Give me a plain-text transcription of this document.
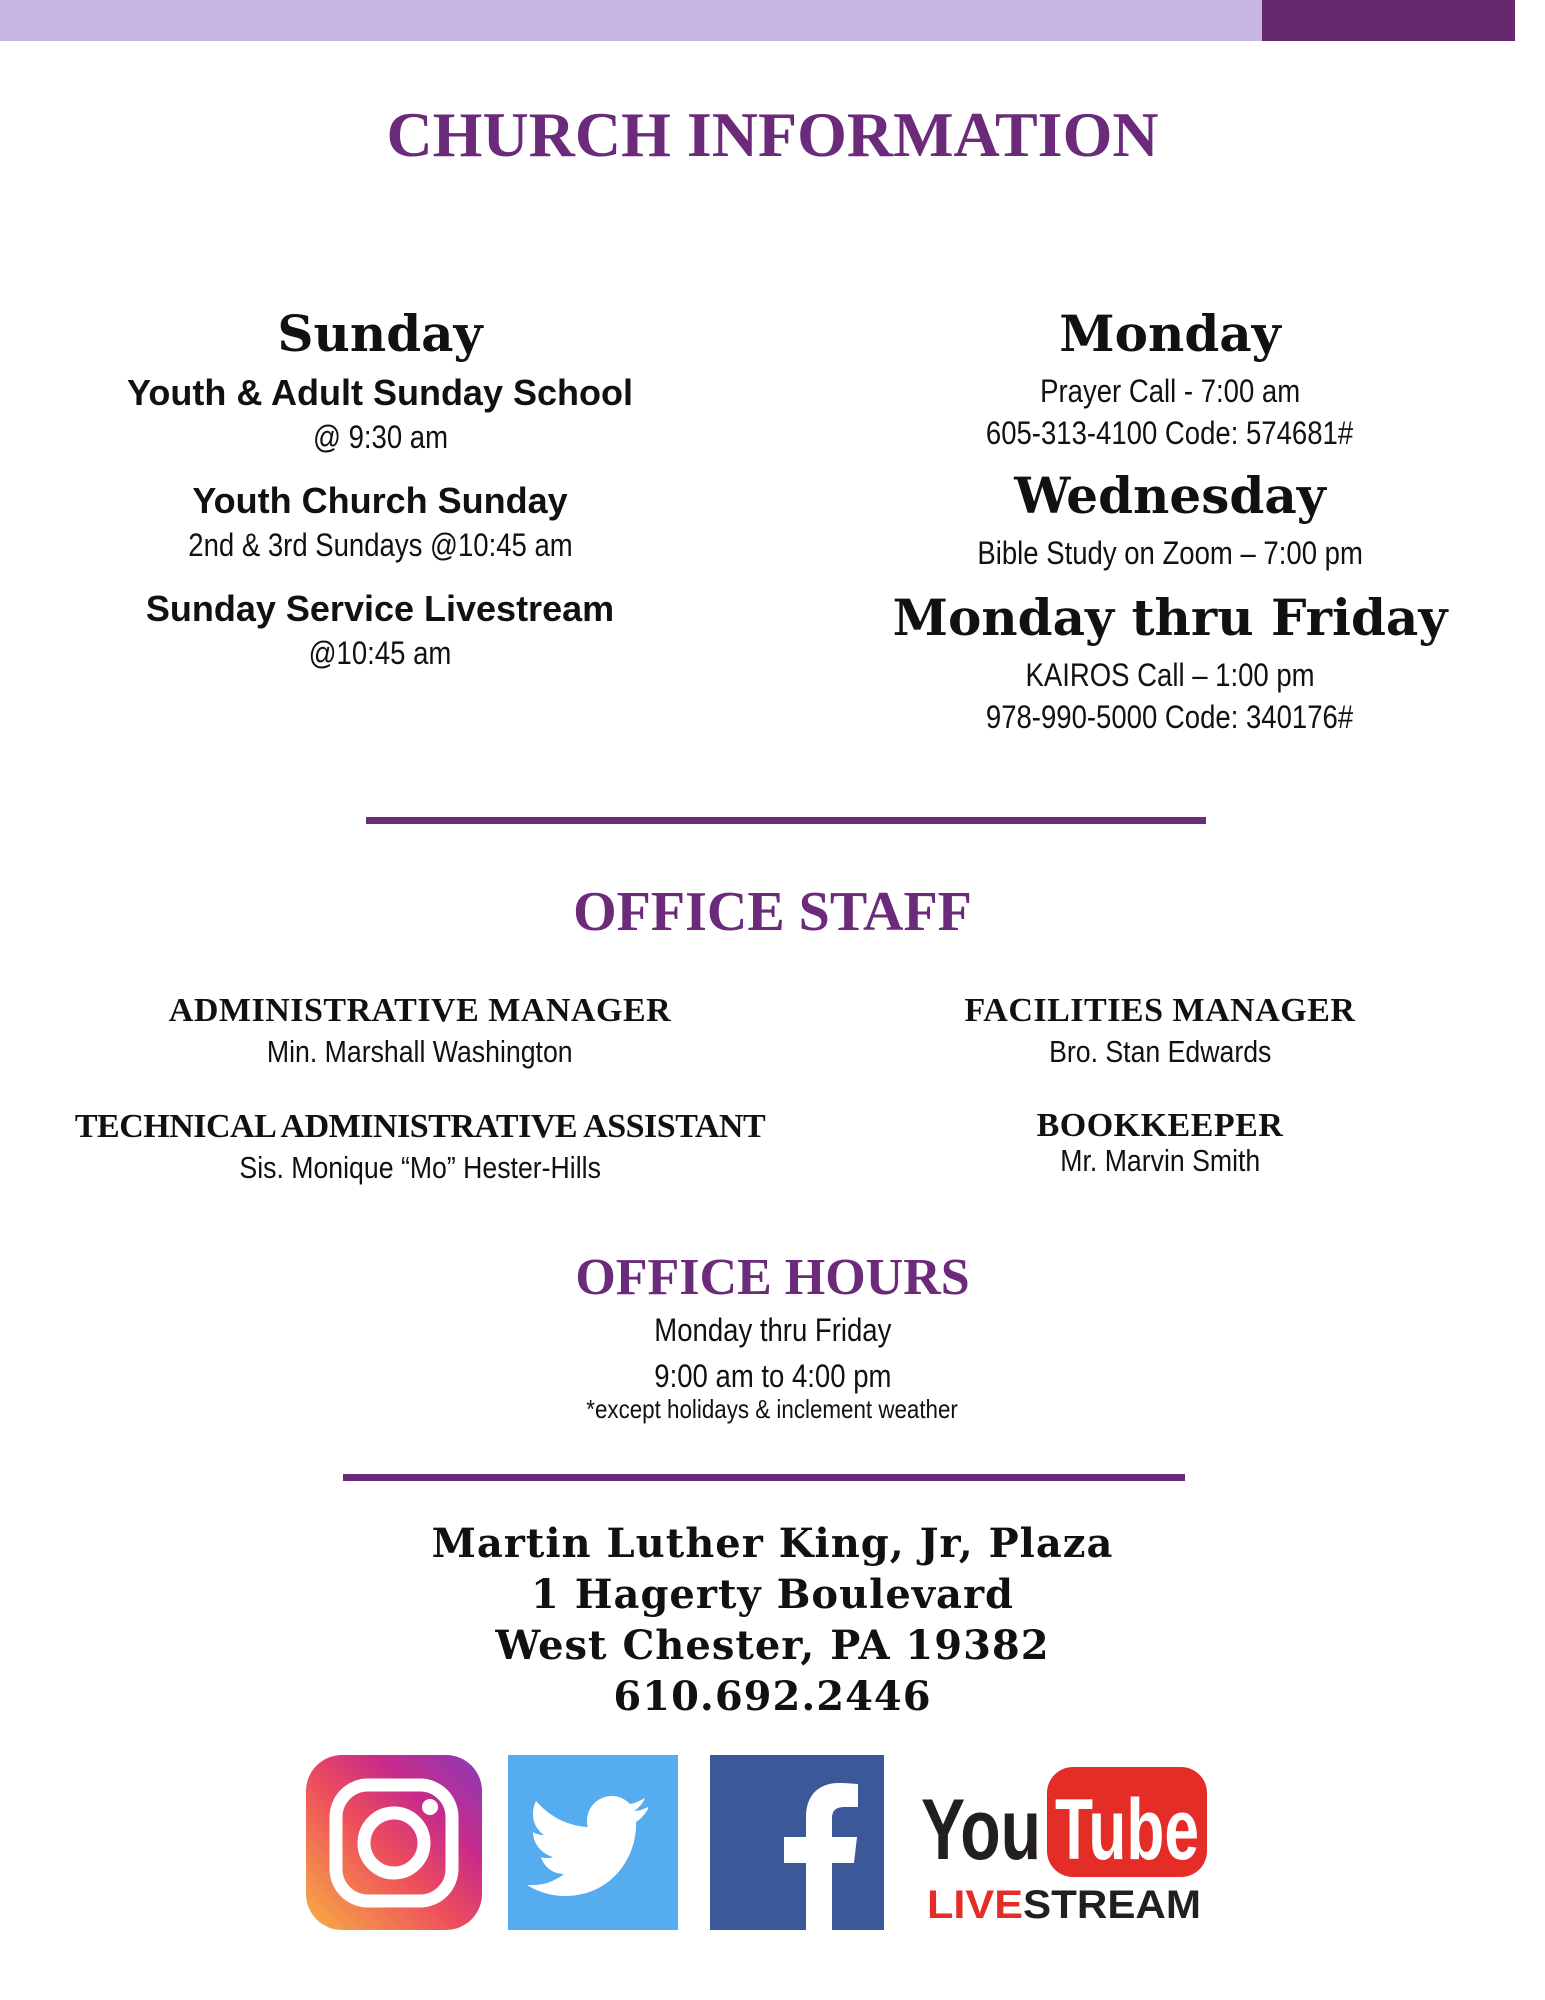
CHURCH INFORMATION

Sunday

Youth & Adult Sunday School

@ 9:30 am

Youth Church Sunday

2nd & 3rd Sundays @10:45 am

Sunday Service Livestream

@10:45 am

Monday

Prayer Call - 7:00 am

605-313-4100 Code: 574681#

Wednesday

Bible Study on Zoom – 7:00 pm

Monday thru Friday

KAIROS Call – 1:00 pm

978-990-5000 Code: 340176#

OFFICE STAFF

ADMINISTRATIVE MANAGER

Min. Marshall Washington

TECHNICAL ADMINISTRATIVE ASSISTANT

Sis. Monique “Mo” Hester-Hills

FACILITIES MANAGER

Bro. Stan Edwards

BOOKKEEPER

Mr. Marvin Smith

OFFICE HOURS

Monday thru Friday

9:00 am to 4:00 pm

*except holidays & inclement weather

Martin Luther King, Jr, Plaza

1 Hagerty Boulevard

West Chester, PA 19382

610.692.2446

You Tube
LIVE STREAM
